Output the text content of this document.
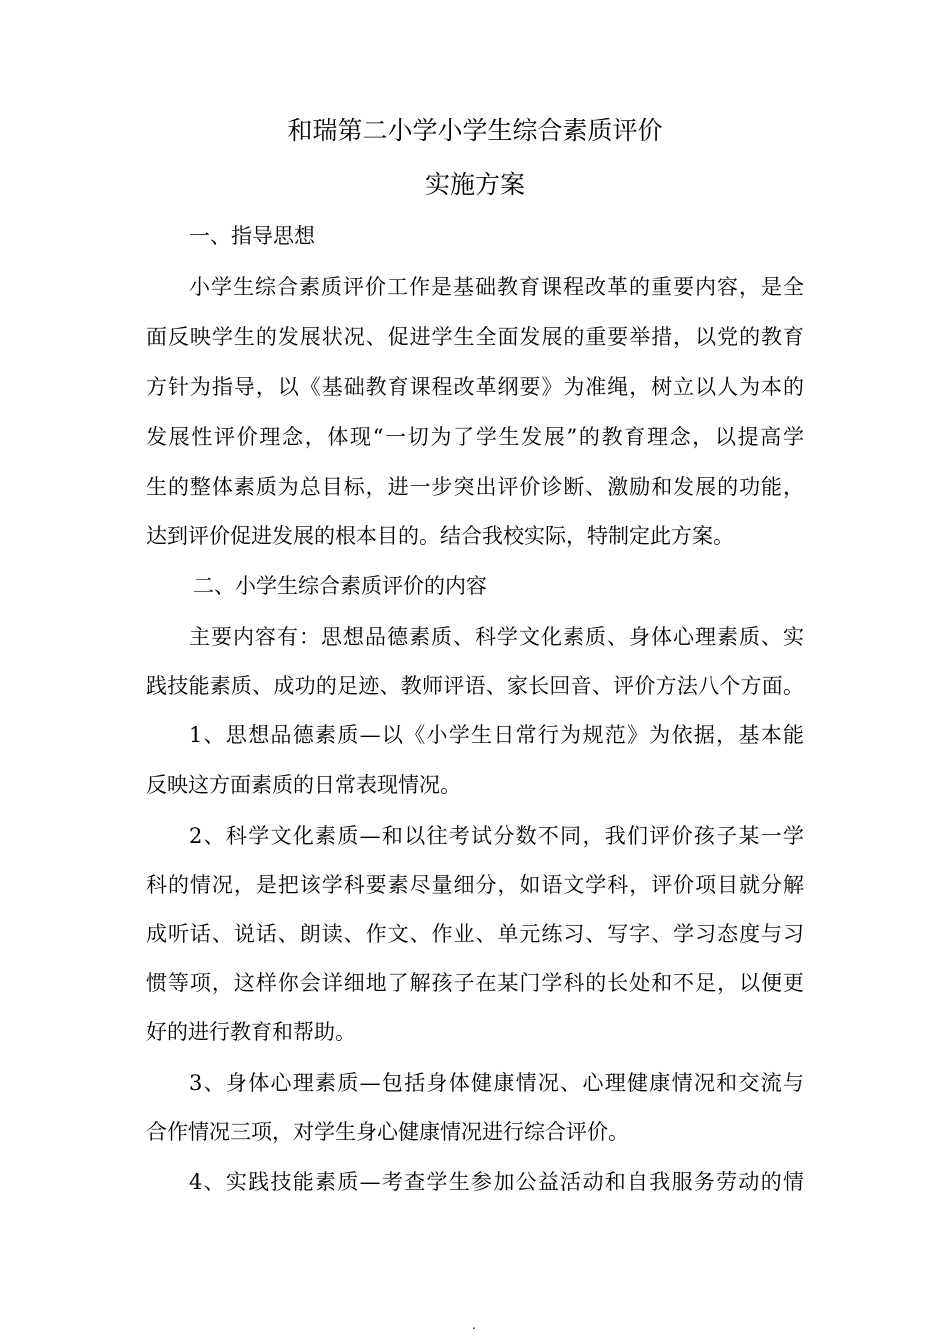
和瑞第二小学小学生综合素质评价
实施方案
一、指导思想
小学生综合素质评价工作是基础教育课程改革的重要内容，是全
面反映学生的发展状况、促进学生全面发展的重要举措，以党的教育
方针为指导，以《基础教育课程改革纲要》为准绳，树立以人为本的
发展性评价理念，体现“一切为了学生发展”的教育理念，以提高学
生的整体素质为总目标，进一步突出评价诊断、激励和发展的功能，
达到评价促进发展的根本目的。结合我校实际，特制定此方案。
二、小学生综合素质评价的内容
主要内容有：思想品德素质、科学文化素质、身体心理素质、实
践技能素质、成功的足迹、教师评语、家长回音、评价方法八个方面。
1、思想品德素质—以《小学生日常行为规范》为依据，基本能
反映这方面素质的日常表现情况。
2、科学文化素质—和以往考试分数不同，我们评价孩子某一学
科的情况，是把该学科要素尽量细分，如语文学科，评价项目就分解
成听话、说话、朗读、作文、作业、单元练习、写字、学习态度与习
惯等项，这样你会详细地了解孩子在某门学科的长处和不足，以便更
好的进行教育和帮助。
3、身体心理素质—包括身体健康情况、心理健康情况和交流与
合作情况三项，对学生身心健康情况进行综合评价。
4、实践技能素质—考查学生参加公益活动和自我服务劳动的情
.
